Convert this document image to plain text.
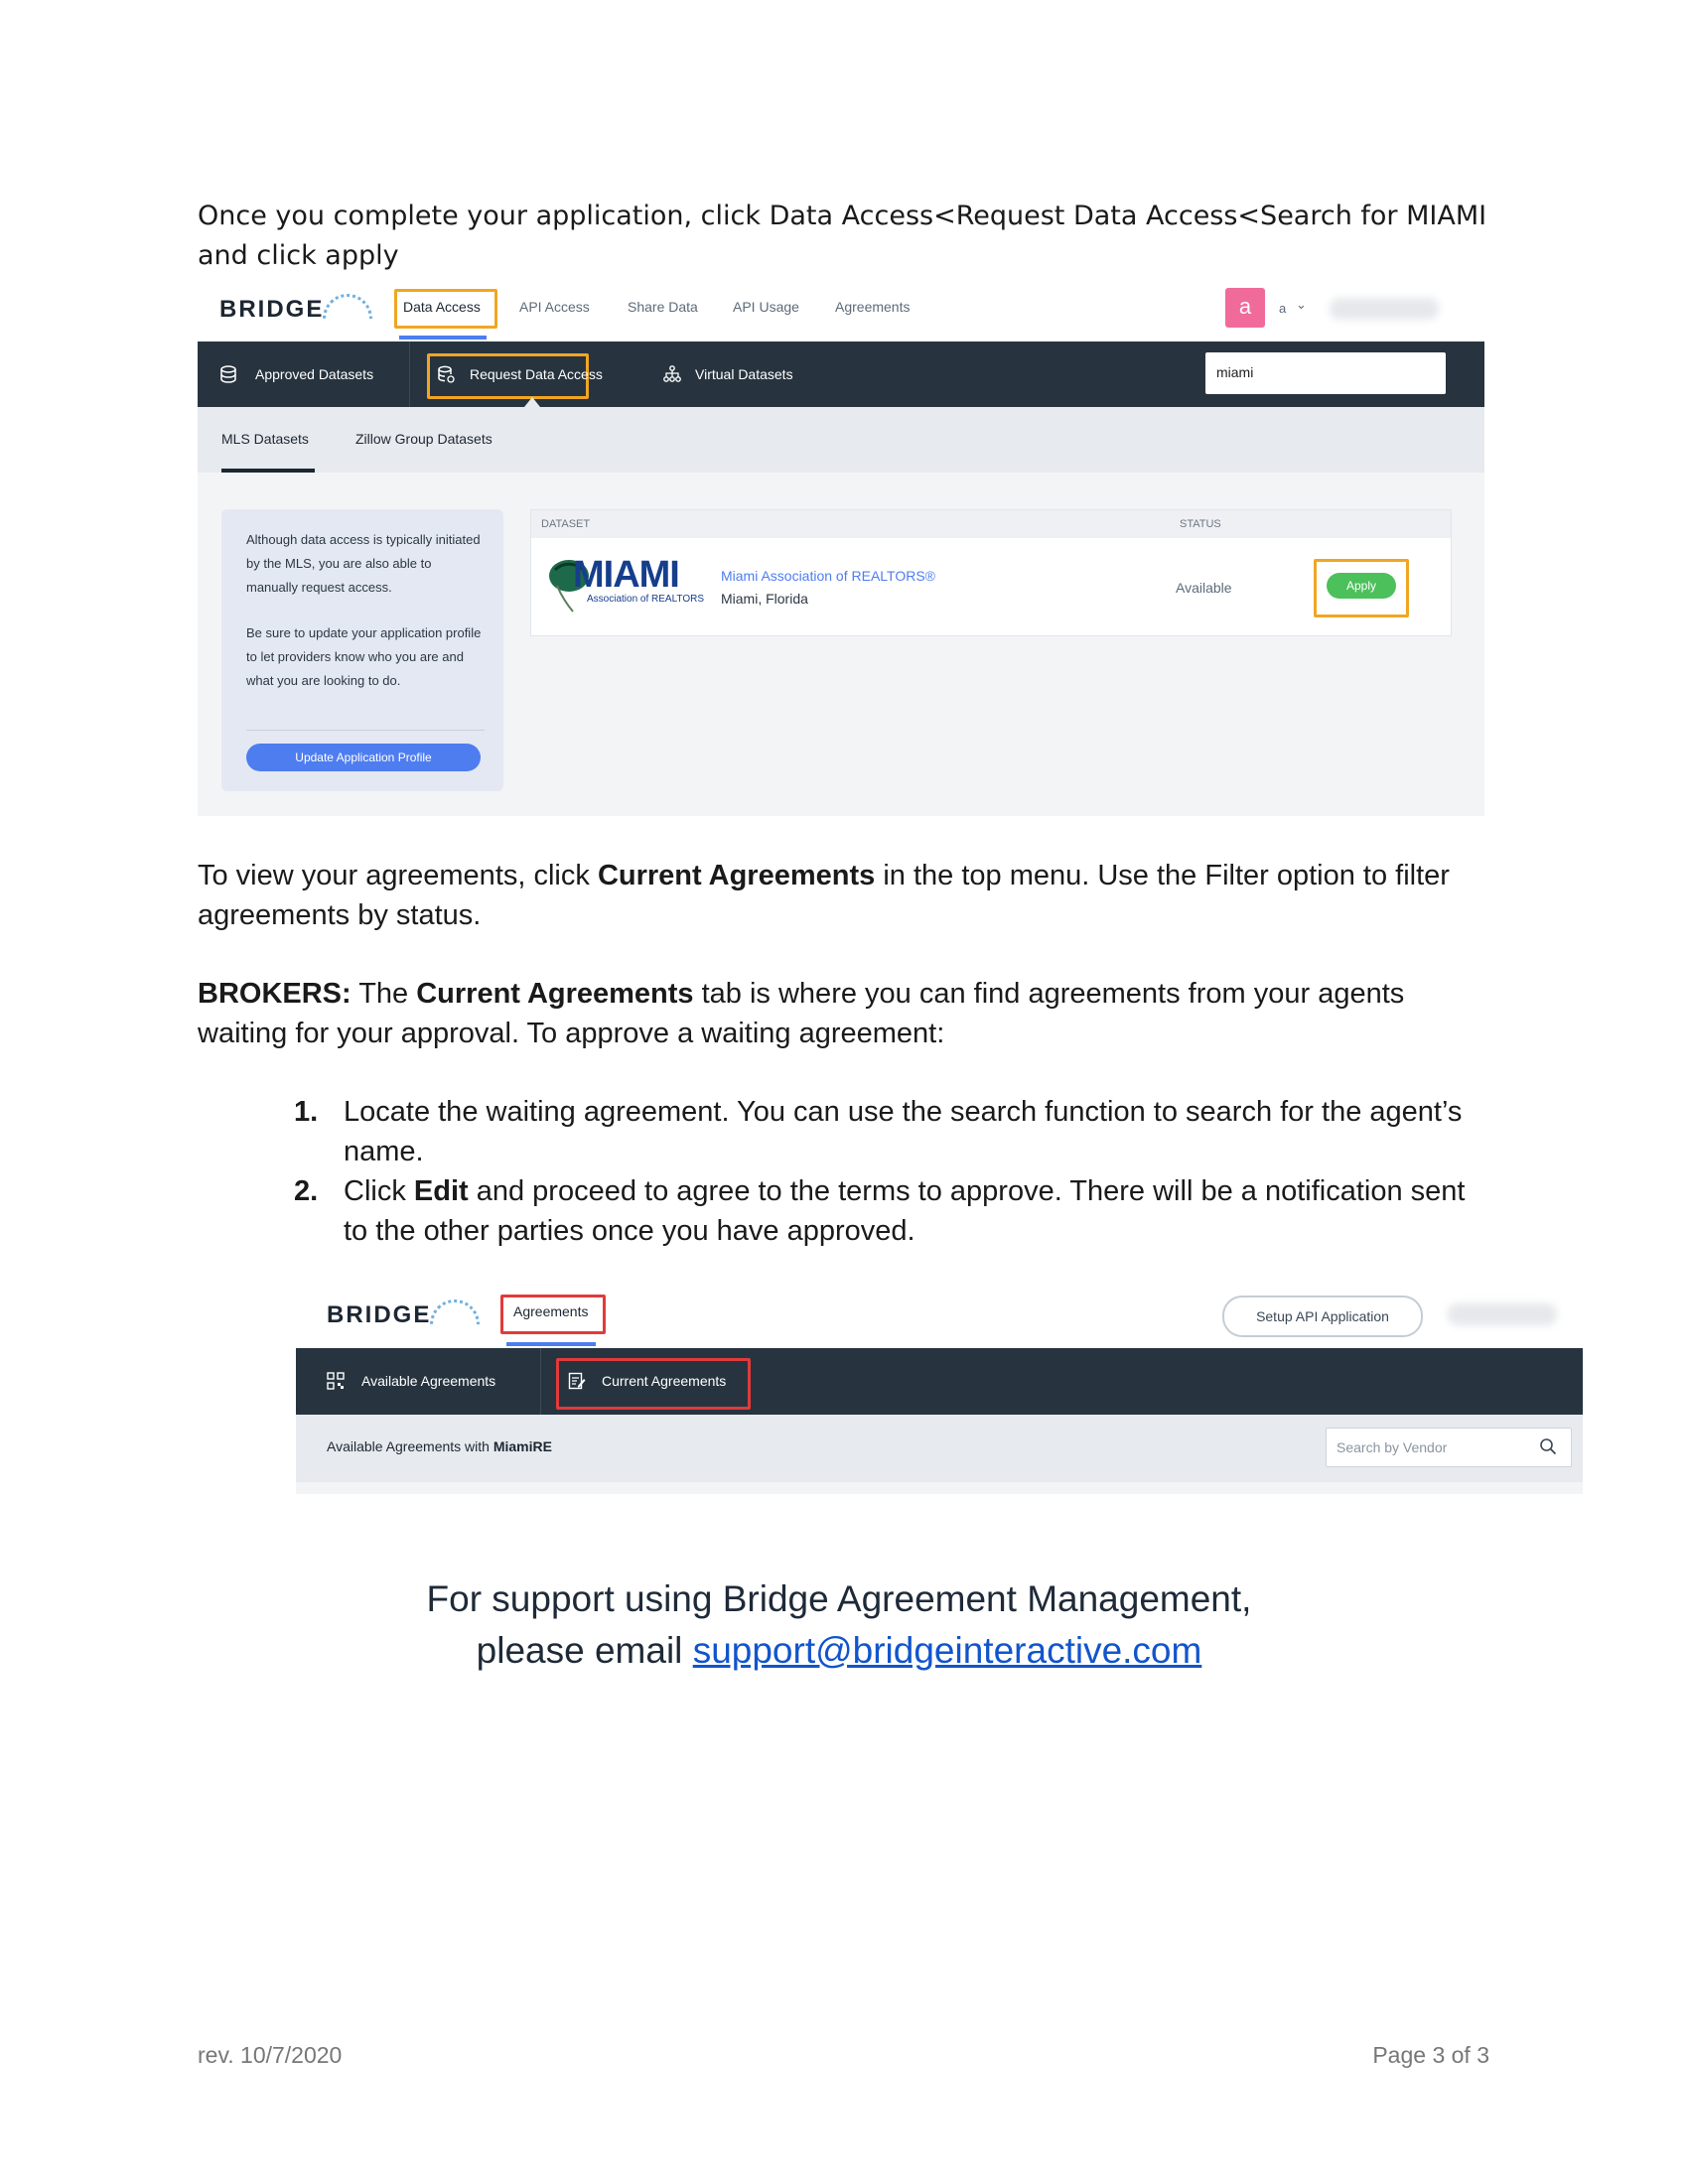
Once you complete your application, click Data Access<Request Data Access<Search for MIAMI and click apply
BRIDGE	Data Access	API Access	Share Data	API Usage	Agreements	a	a ⌄
Approved Datasets	Request Data Access	Virtual Datasets	miami
MLS Datasets	Zillow Group Datasets

Although data access is typically initiated by the MLS, you are also able to manually request access.

Be sure to update your application profile to let providers know who you are and what you are looking to do.

Update Application Profile
DATASET	STATUS
MIAMI
Association of REALTORS
Miami Association of REALTORS®
Miami, Florida
Available	Apply
To view your agreements, click Current Agreements in the top menu. Use the Filter option to filter agreements by status.
BROKERS: The Current Agreements tab is where you can find agreements from your agents waiting for your approval. To approve a waiting agreement:
1. Locate the waiting agreement. You can use the search function to search for the agent’s name.
2. Click Edit and proceed to agree to the terms to approve. There will be a notification sent to the other parties once you have approved.
BRIDGE	Agreements	Setup API Application
Available Agreements	Current Agreements
Available Agreements with MiamiRE	Search by Vendor
For support using Bridge Agreement Management,
please email support@bridgeinteractive.com
rev. 10/7/2020	Page 3 of 3
